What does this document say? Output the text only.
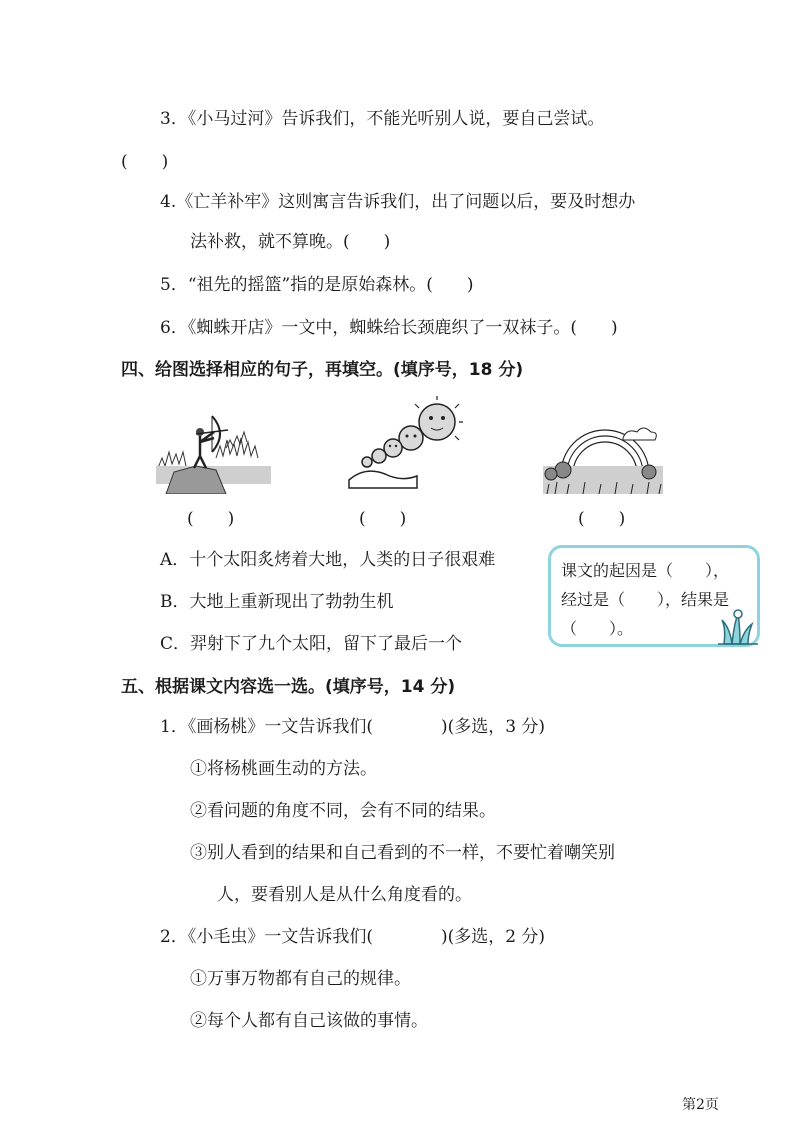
3．《小马过河》告诉我们，不能光听别人说，要自己尝试。
(　　)
4.《亡羊补牢》这则寓言告诉我们，出了问题以后，要及时想办
法补救，就不算晚。(　　)
5．“祖先的摇篮”指的是原始森林。(　　)
6．《蜘蛛开店》一文中，蜘蛛给长颈鹿织了一双袜子。(　　)
四、给图选择相应的句子，再填空。(填序号，18 分)
(　　)	(　　)	(　　)
A．十个太阳炙烤着大地，人类的日子很艰难
B．大地上重新现出了勃勃生机
C．羿射下了九个太阳，留下了最后一个
课文的起因是（　　），
经过是（　　），结果是
（　　）。
五、根据课文内容选一选。(填序号，14 分)
1．《画杨桃》一文告诉我们(　　　　)(多选，3 分)
①将杨桃画生动的方法。
②看问题的角度不同，会有不同的结果。
③别人看到的结果和自己看到的不一样，不要忙着嘲笑别
人，要看别人是从什么角度看的。
2．《小毛虫》一文告诉我们(　　　　)(多选，2 分)
①万事万物都有自己的规律。
②每个人都有自己该做的事情。
第2页
